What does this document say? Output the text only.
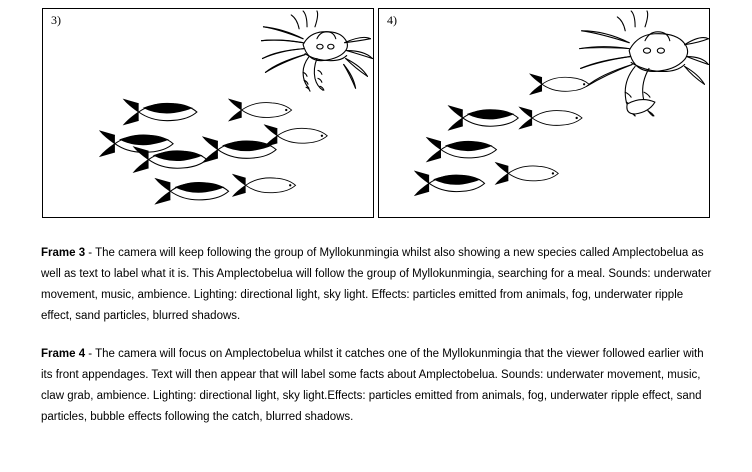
3)	4)
Frame 3 - The camera will keep following the group of Myllokunmingia whilst also showing a new species called Amplectobelua as well as text to label what it is. This Amplectobelua will follow the group of Myllokunmingia, searching for a meal. Sounds: underwater movement, music, ambience. Lighting: directional light, sky light. Effects: particles emitted from animals, fog, underwater ripple effect, sand particles, blurred shadows.
Frame 4 - The camera will focus on Amplectobelua whilst it catches one of the Myllokunmingia that the viewer followed earlier with its front appendages. Text will then appear that will label some facts about Amplectobelua. Sounds: underwater movement, music, claw grab, ambience. Lighting: directional light, sky light.Effects: particles emitted from animals, fog, underwater ripple effect, sand particles, bubble effects following the catch, blurred shadows.
